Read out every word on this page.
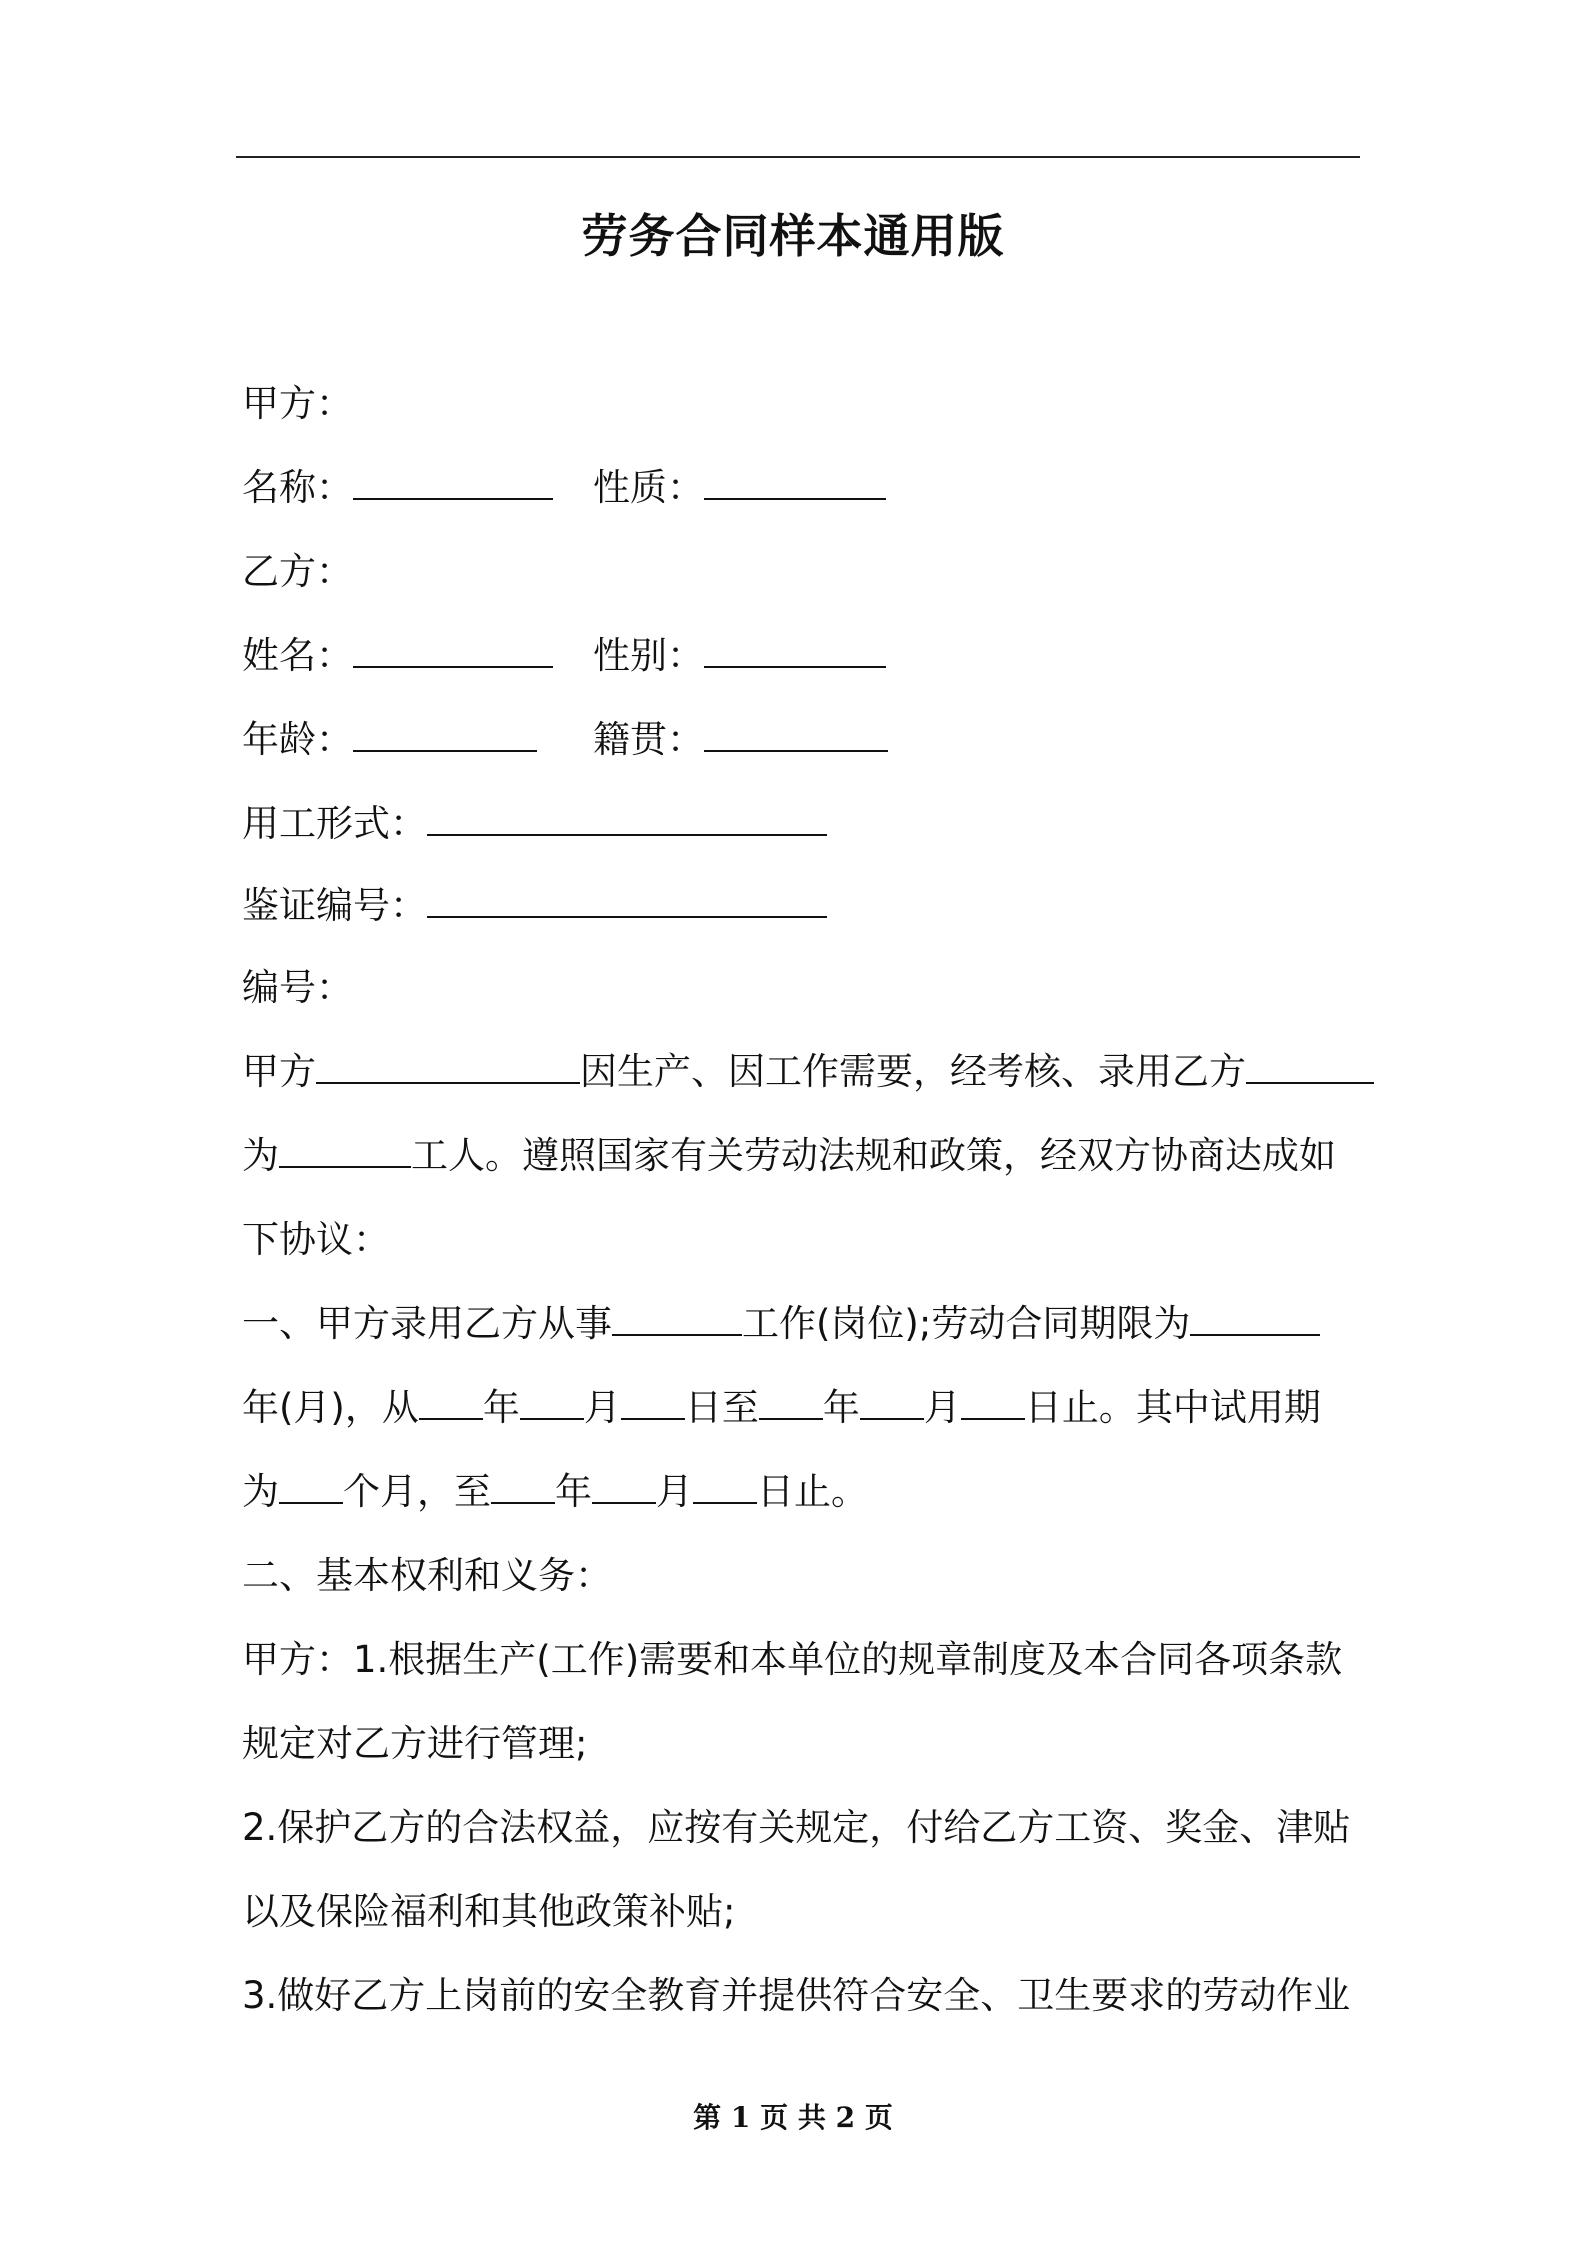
劳务合同样本通用版
甲方：
名称：	性质：
乙方：
姓名：	性别：
年龄：	籍贯：
用工形式：
鉴证编号：
编号：
甲方	因生产、因工作需要，经考核、录用乙方
为	工人。遵照国家有关劳动法规和政策，经双方协商达成如
下协议：
一、甲方录用乙方从事	工作(岗位);劳动合同期限为
年(月)，从 年 月 日至 年 月 日止。其中试用期
为 个月，至 年 月 日止。
二、基本权利和义务：
甲方：1.根据生产(工作)需要和本单位的规章制度及本合同各项条款
规定对乙方进行管理;
2.保护乙方的合法权益，应按有关规定，付给乙方工资、奖金、津贴
以及保险福利和其他政策补贴;
3.做好乙方上岗前的安全教育并提供符合安全、卫生要求的劳动作业
第 1 页 共 2 页
